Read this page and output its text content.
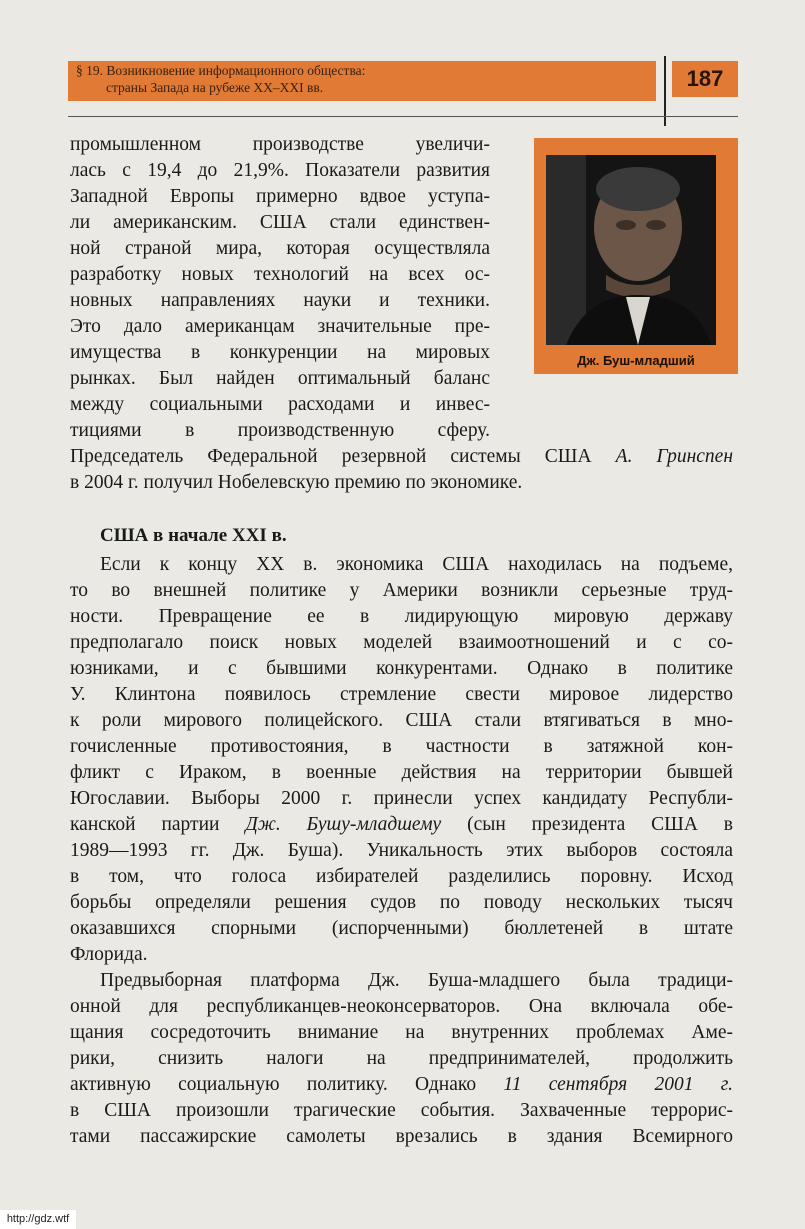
§ 19. Возникновение информационного общества:
страны Запада на рубеже XX–XXI вв.	187
Дж. Буш-младший
промышленном производстве увеличи-
лась с 19,4 до 21,9%. Показатели развития
Западной Европы примерно вдвое уступа-
ли американским. США стали единствен-
ной страной мира, которая осуществляла
разработку новых технологий на всех ос-
новных направлениях науки и техники.
Это дало американцам значительные пре-
имущества в конкуренции на мировых
рынках. Был найден оптимальный баланс
между социальными расходами и инвес-
тициями в производственную сферу.
Председатель Федеральной резервной системы США А. Гринспен
в 2004 г. получил Нобелевскую премию по экономике.
США в начале XXI в.
Если к концу XX в. экономика США находилась на подъеме,
то во внешней политике у Америки возникли серьезные труд-
ности. Превращение ее в лидирующую мировую державу
предполагало поиск новых моделей взаимоотношений и с со-
юзниками, и с бывшими конкурентами. Однако в политике
У. Клинтона появилось стремление свести мировое лидерство
к роли мирового полицейского. США стали втягиваться в мно-
гочисленные противостояния, в частности в затяжной кон-
фликт с Ираком, в военные действия на территории бывшей
Югославии. Выборы 2000 г. принесли успех кандидату Республи-
канской партии Дж. Бушу-младшему (сын президента США в
1989—1993 гг. Дж. Буша). Уникальность этих выборов состояла
в том, что голоса избирателей разделились поровну. Исход
борьбы определяли решения судов по поводу нескольких тысяч
оказавшихся спорными (испорченными) бюллетеней в штате
Флорида.
Предвыборная платформа Дж. Буша-младшего была традици-
онной для республиканцев-неоконсерваторов. Она включала обе-
щания сосредоточить внимание на внутренних проблемах Аме-
рики, снизить налоги на предпринимателей, продолжить
активную социальную политику. Однако 11 сентября 2001 г.
в США произошли трагические события. Захваченные террорис-
тами пассажирские самолеты врезались в здания Всемирного
http://gdz.wtf
